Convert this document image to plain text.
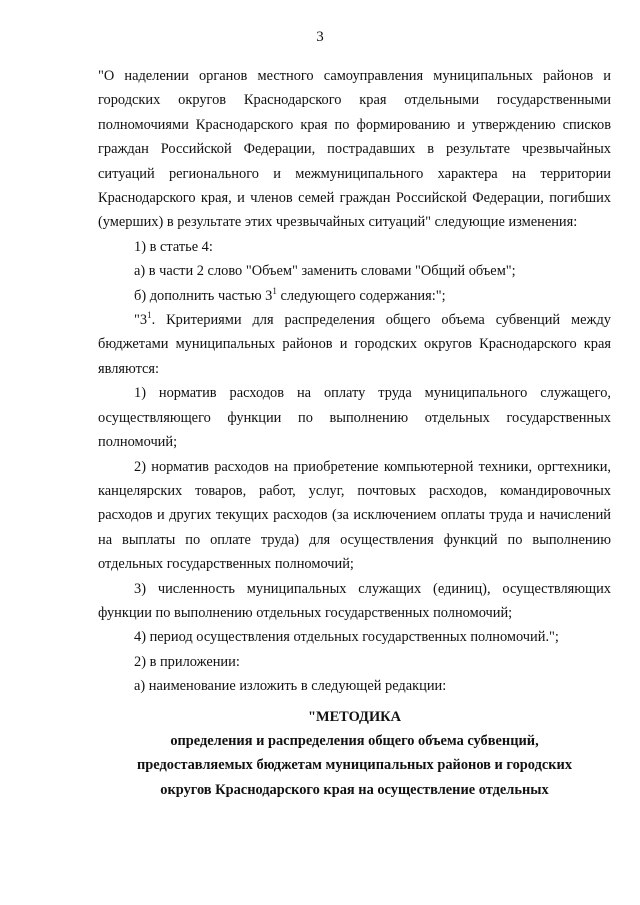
3

"О наделении органов местного самоуправления муниципальных районов и городских округов Краснодарского края отдельными государственными полномочиями Краснодарского края по формированию и утверждению списков граждан Российской Федерации, пострадавших в результате чрезвычайных ситуаций регионального и межмуниципального характера на территории Краснодарского края, и членов семей граждан Российской Федерации, погибших (умерших) в результате этих чрезвычайных ситуаций" следующие изменения:

1) в статье 4:

а) в части 2 слово "Объем" заменить словами "Общий объем";

б) дополнить частью $3^1$ следующего содержания:";

"$3^1$. Критериями для распределения общего объема субвенций между бюджетами муниципальных районов и городских округов Краснодарского края являются:

1) норматив расходов на оплату труда муниципального служащего, осуществляющего функции по выполнению отдельных государственных полномочий;

2) норматив расходов на приобретение компьютерной техники, оргтехники, канцелярских товаров, работ, услуг, почтовых расходов, командировочных расходов и других текущих расходов (за исключением оплаты труда и начислений на выплаты по оплате труда) для осуществления функций по выполнению отдельных государственных полномочий;

3) численность муниципальных служащих (единиц), осуществляющих функции по выполнению отдельных государственных полномочий;

4) период осуществления отдельных государственных полномочий.";

2) в приложении:

а) наименование изложить в следующей редакции:

"МЕТОДИКА

определения и распределения общего объема субвенций,

предоставляемых бюджетам муниципальных районов и городских

округов Краснодарского края на осуществление отдельных
